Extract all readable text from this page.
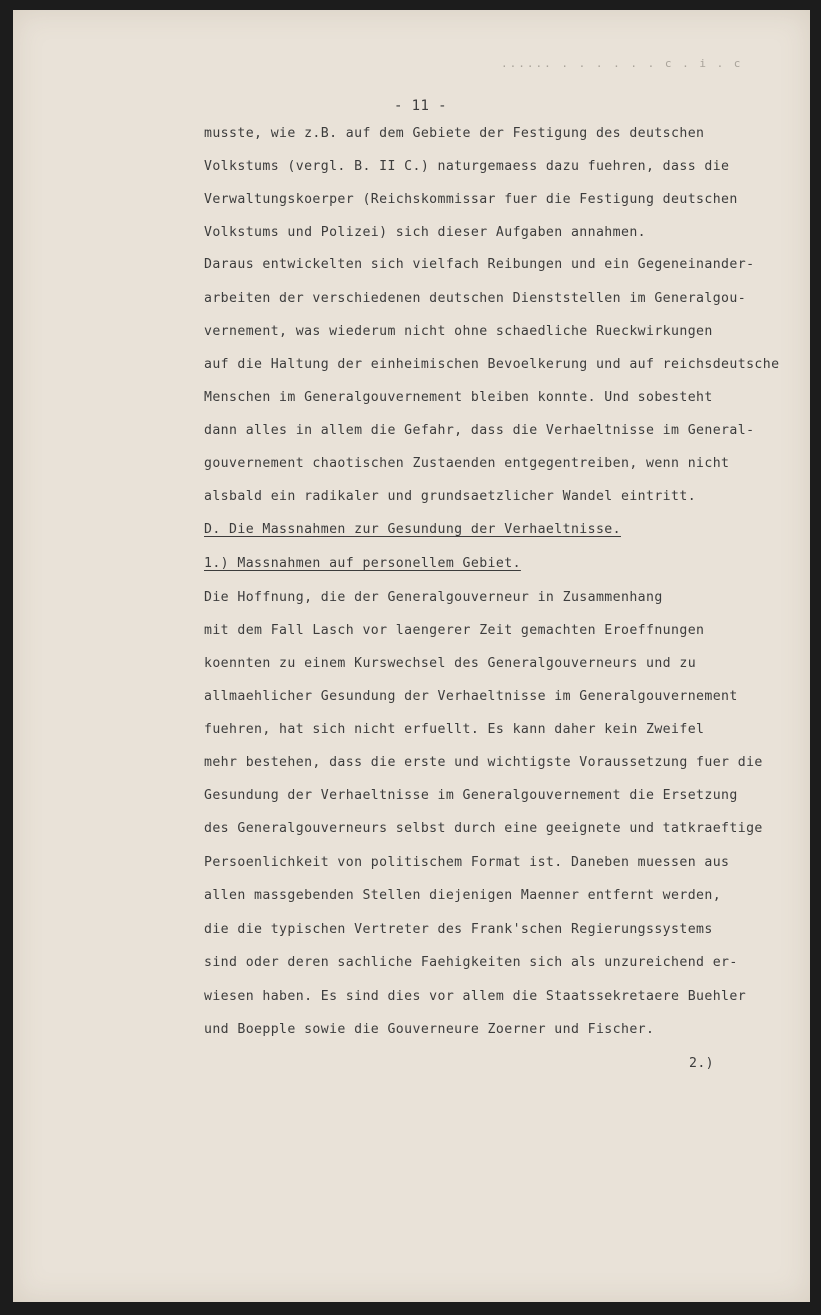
...... . . . . . . c . i . c
- 11 -
musste, wie z.B. auf dem Gebiete der Festigung des deutschen
Volkstums (vergl. B. II C.) naturgemaess dazu fuehren, dass die
Verwaltungskoerper (Reichskommissar fuer die Festigung deutschen
Volkstums und Polizei) sich dieser Aufgaben annahmen.
Daraus entwickelten sich vielfach Reibungen und ein Gegeneinander-
arbeiten der verschiedenen deutschen Dienststellen im Generalgou-
vernement, was wiederum nicht ohne schaedliche Rueckwirkungen
auf die Haltung der einheimischen Bevoelkerung und auf reichsdeutsche
Menschen im Generalgouvernement bleiben konnte. Und sobesteht
dann alles in allem die Gefahr, dass die Verhaeltnisse im General-
gouvernement chaotischen Zustaenden entgegentreiben, wenn nicht
alsbald ein radikaler und grundsaetzlicher Wandel eintritt.
D. Die Massnahmen zur Gesundung der Verhaeltnisse.
1.) Massnahmen auf personellem Gebiet.
Die Hoffnung, die der Generalgouverneur in Zusammenhang
mit dem Fall Lasch vor laengerer Zeit gemachten Eroeffnungen
koennten zu einem Kurswechsel des Generalgouverneurs und zu
allmaehlicher Gesundung der Verhaeltnisse im Generalgouvernement
fuehren, hat sich nicht erfuellt. Es kann daher kein Zweifel
mehr bestehen, dass die erste und wichtigste Voraussetzung fuer die
Gesundung der Verhaeltnisse im Generalgouvernement die Ersetzung
des Generalgouverneurs selbst durch eine geeignete und tatkraeftige
Persoenlichkeit von politischem Format ist. Daneben muessen aus
allen massgebenden Stellen diejenigen Maenner entfernt werden,
die die typischen Vertreter des Frank'schen Regierungssystems
sind oder deren sachliche Faehigkeiten sich als unzureichend er-
wiesen haben. Es sind dies vor allem die Staatssekretaere Buehler
und Boepple sowie die Gouverneure Zoerner und Fischer.
2.)
